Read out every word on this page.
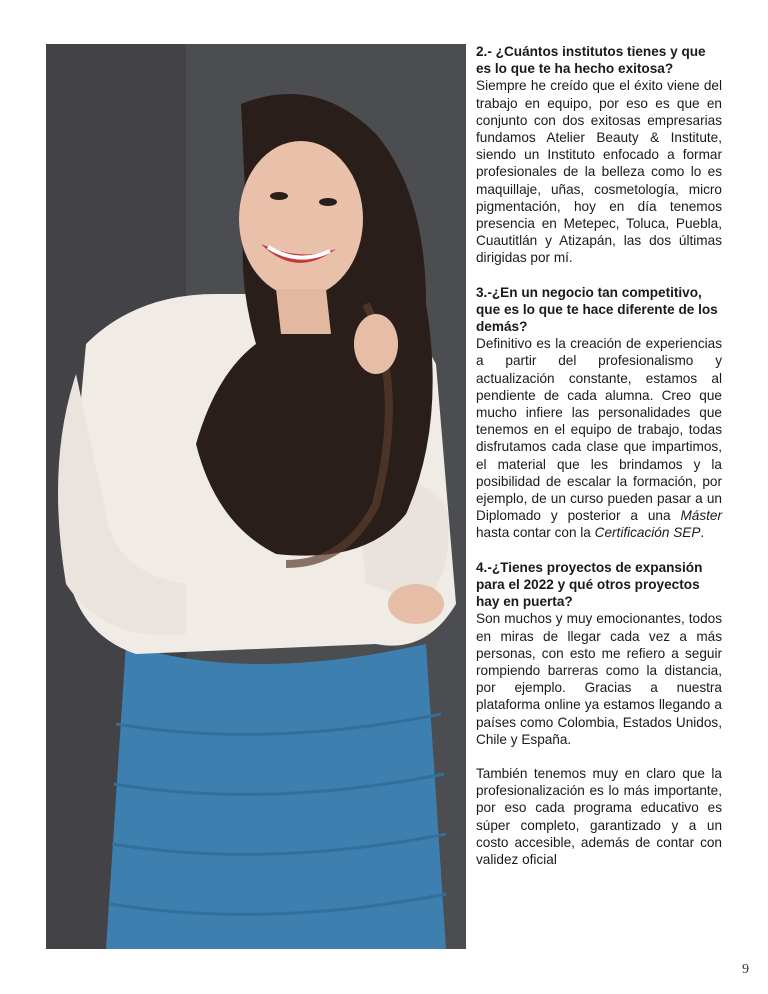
2.- ¿Cuántos institutos tienes y que es lo que te ha hecho exitosa?
Siempre he creído que el éxito viene del trabajo en equipo, por eso es que en conjunto con dos exitosas empresarias fundamos Atelier Beauty & Institute, siendo un Instituto enfocado a formar profesionales de la belleza como lo es maquillaje, uñas, cosmetología, micro pigmentación, hoy en día tenemos presencia en Metepec, Toluca, Puebla, Cuautitlán y Atizapán, las dos últimas dirigidas por mí.
3.-¿En un negocio tan competitivo, que es lo que te hace diferente de los demás?
Definitivo es la creación de experiencias a partir del profesionalismo y actualización constante, estamos al pendiente de cada alumna. Creo que mucho infiere las personalidades que tenemos en el equipo de trabajo, todas disfrutamos cada clase que impartimos, el material que les brindamos y la posibilidad de escalar la formación, por ejemplo, de un curso pueden pasar a un Diplomado y posterior a una Máster hasta contar con la Certificación SEP.
4.-¿Tienes proyectos de expansión para el 2022 y qué otros proyectos hay en puerta?
Son muchos y muy emocionantes, todos en miras de llegar cada vez a más personas, con esto me refiero a seguir rompiendo barreras como la distancia, por ejemplo. Gracias a nuestra plataforma online ya estamos llegando a países como Colombia, Estados Unidos, Chile y España.
También tenemos muy en claro que la profesionalización es lo más importante, por eso cada programa educativo es súper completo, garantizado y a un costo accesible, además de contar con validez oficial
9
